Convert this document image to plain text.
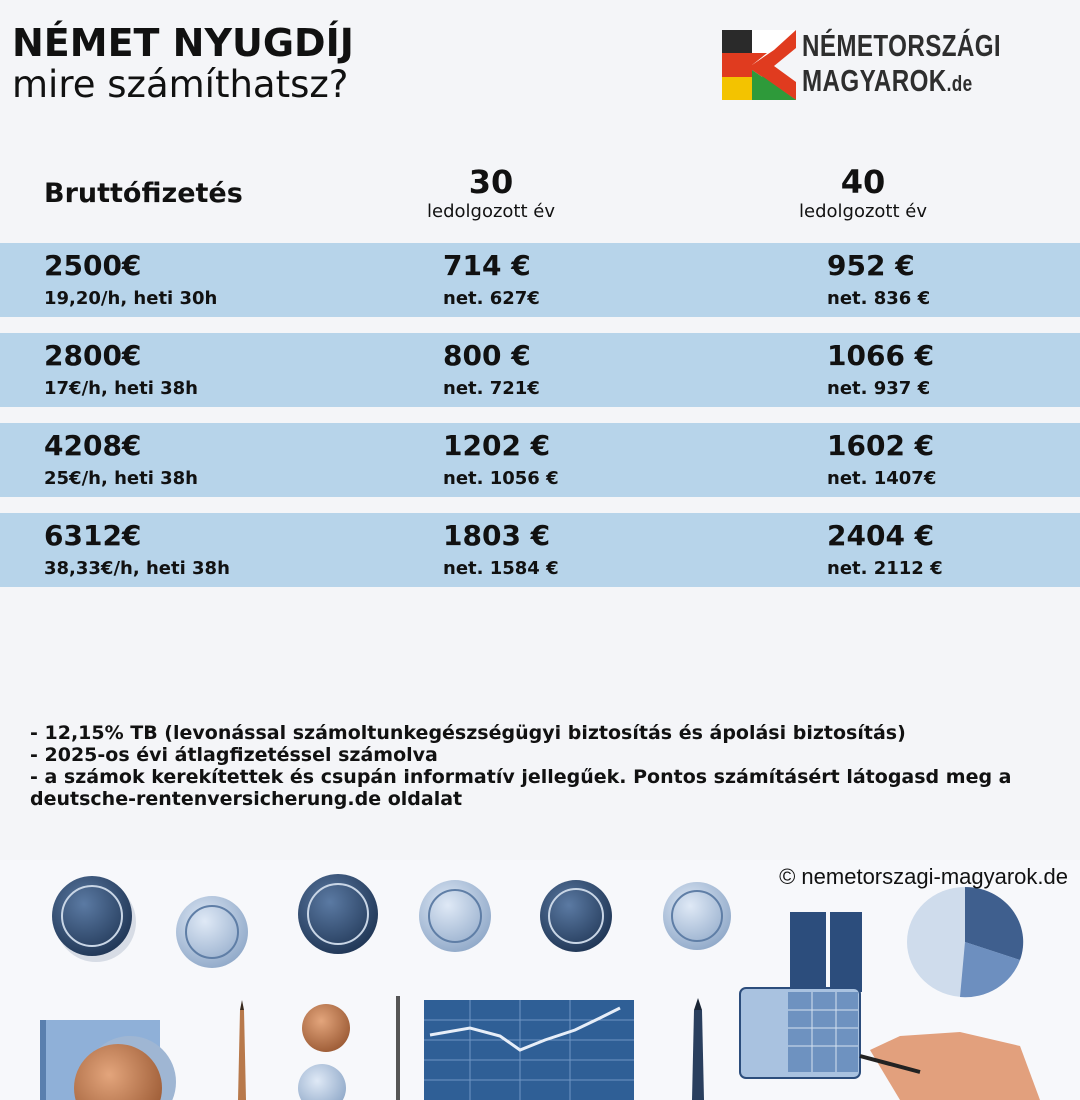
NÉMET NYUGDÍJ
mire számíthatsz?
NÉMETORSZÁGI
MAGYAROK.de
Bruttófizetés	30
ledolgozott év
40
ledolgozott év
2500€
19,20/h, heti 30h
714 €
net. 627€
952 €
net. 836 €
2800€
17€/h, heti 38h
800 €
net. 721€
1066 €
net. 937 €
4208€
25€/h, heti 38h
1202 €
net. 1056 €
1602 €
net. 1407€
6312€
38,33€/h, heti 38h
1803 €
net. 1584 €
2404 €
net. 2112 €
- 12,15% TB (levonással számoltunkegészségügyi biztosítás és ápolási biztosítás)
- 2025-os évi átlagfizetéssel számolva
- a számok kerekítettek és csupán informatív jellegűek. Pontos számításért látogasd meg a deutsche-rentenversicherung.de oldalat
© nemetorszagi-magyarok.de
